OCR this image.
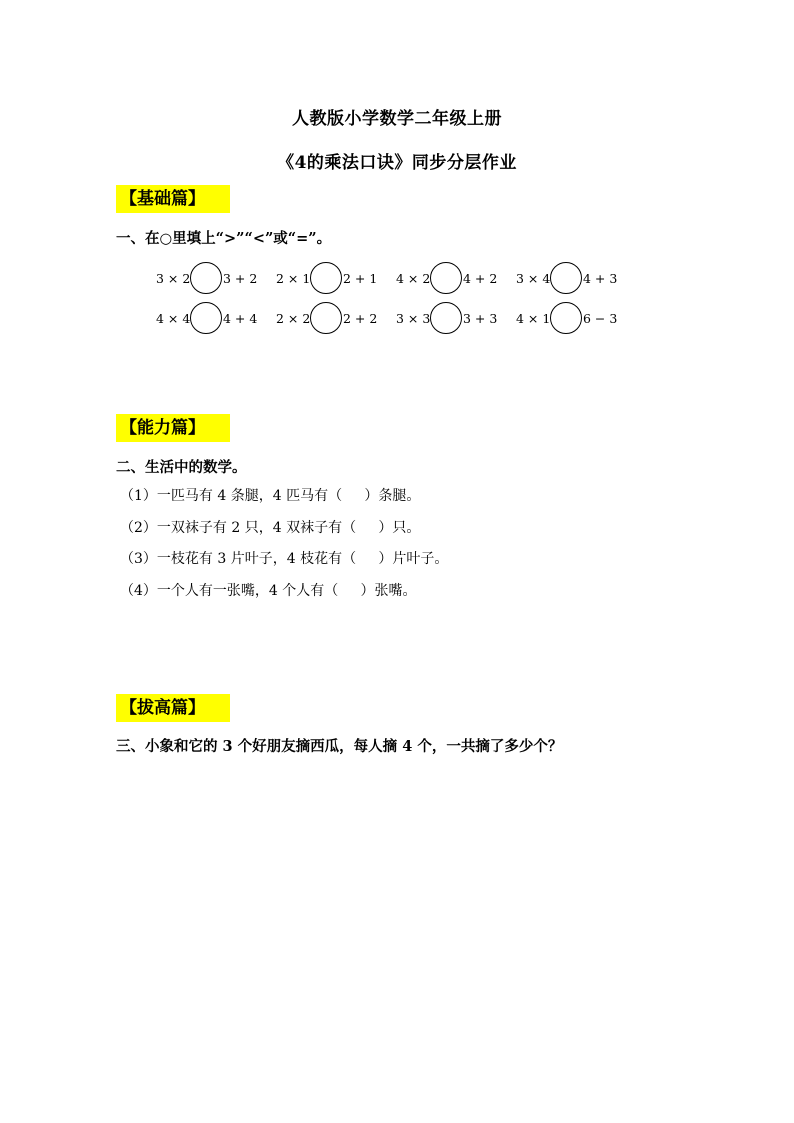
人教版小学数学二年级上册
《4的乘法口诀》同步分层作业
【基础篇】
一、在○里填上“>”“<”或“=”。
3 × 2	3 + 2 2 × 1	2 + 1 4 × 2	4 + 2 3 × 4	4 + 3
4 × 4	4 + 4 2 × 2	2 + 2 3 × 3	3 + 3 4 × 1	6 − 3
【能力篇】
二、生活中的数学。
（1）一匹马有 4 条腿，4 匹马有（     ）条腿。
（2）一双袜子有 2 只，4 双袜子有（     ）只。
（3）一枝花有 3 片叶子，4 枝花有（     ）片叶子。
（4）一个人有一张嘴，4 个人有（     ）张嘴。
【拔高篇】
三、小象和它的 3 个好朋友摘西瓜，每人摘 4 个，一共摘了多少个？
